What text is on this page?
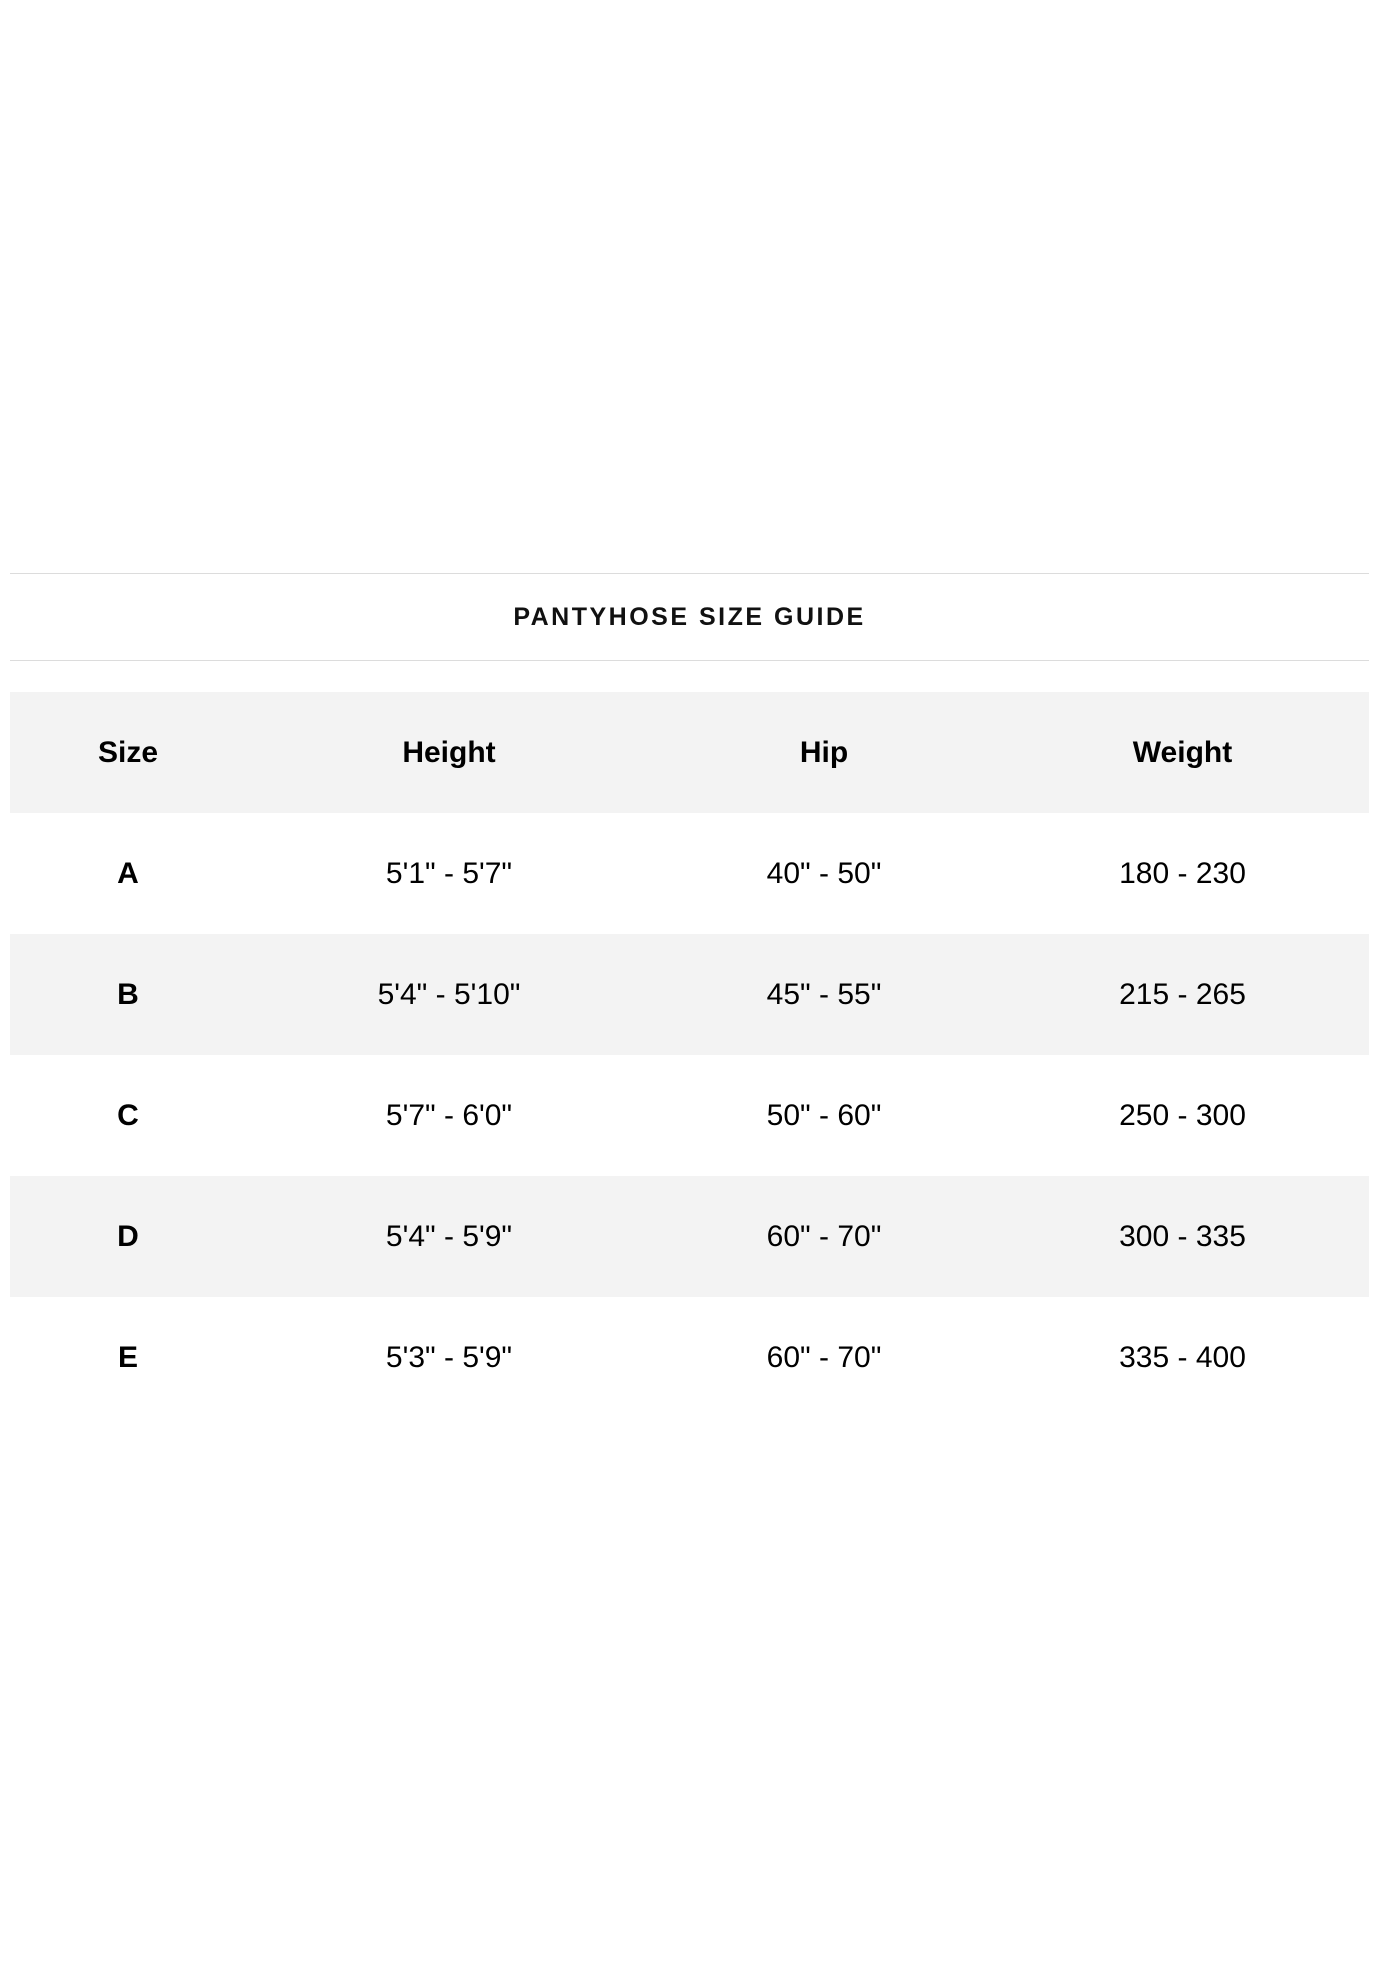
PANTYHOSE SIZE GUIDE
Size	Height	Hip	Weight
A	5'1" - 5'7"	40" - 50"	180 - 230
B	5'4" - 5'10"	45" - 55"	215 - 265
C	5'7" - 6'0"	50" - 60"	250 - 300
D	5'4" - 5'9"	60" - 70"	300 - 335
E	5'3" - 5'9"	60" - 70"	335 - 400
